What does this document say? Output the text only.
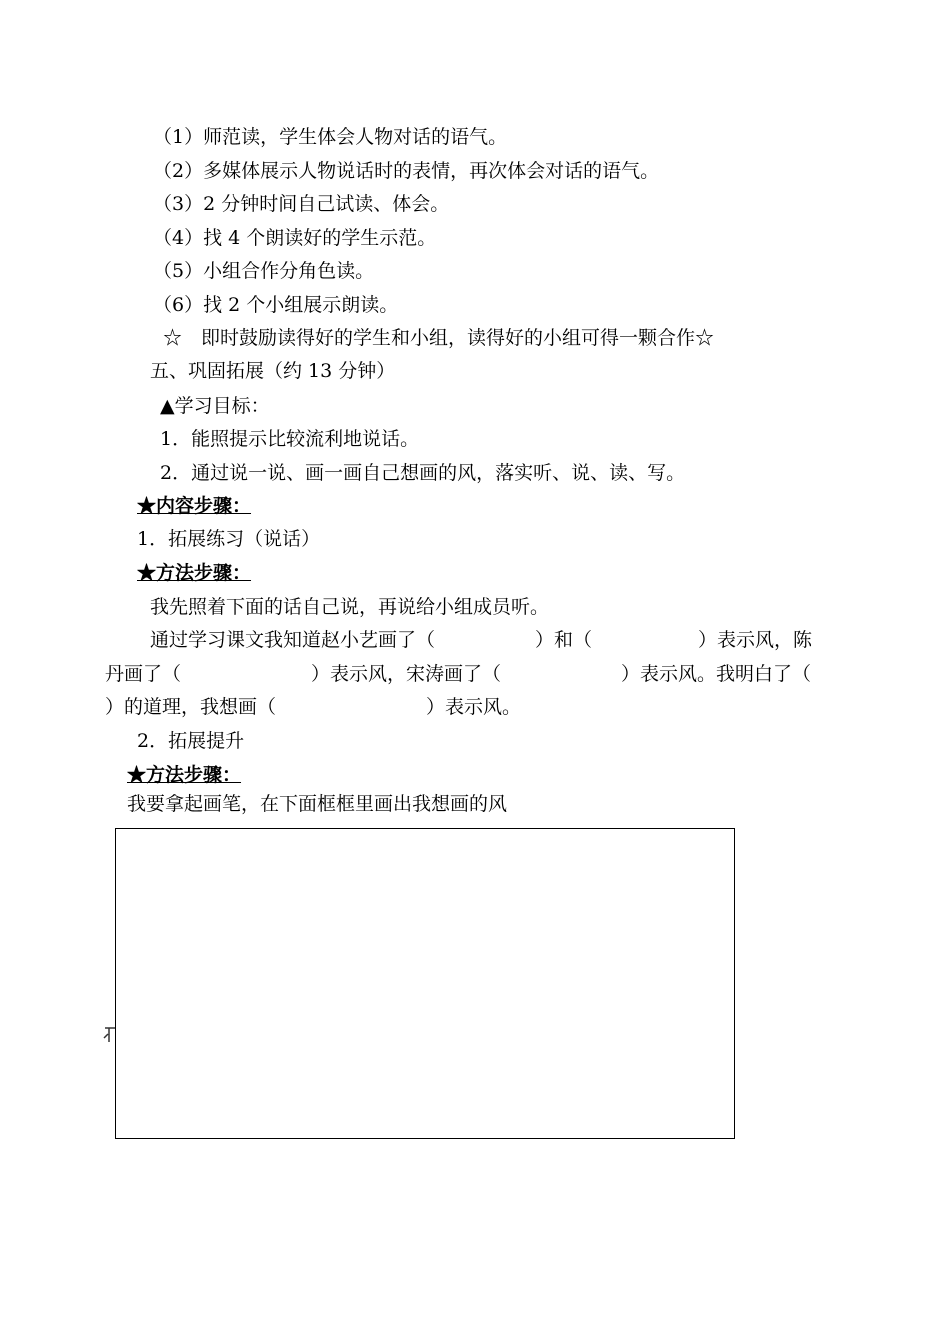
（1）师范读，学生体会人物对话的语气。
（2）多媒体展示人物说话时的表情，再次体会对话的语气。
（3）2 分钟时间自己试读、体会。
（4）找 4 个朗读好的学生示范。
（5）小组合作分角色读。
（6）找 2 个小组展示朗读。
☆　即时鼓励读得好的学生和小组，读得好的小组可得一颗合作☆
五、巩固拓展（约 13 分钟）
▲学习目标：
1．能照提示比较流利地说话。
2．通过说一说、画一画自己想画的风，落实听、说、读、写。
★内容步骤：
1．拓展练习（说话）
★方法步骤：
我先照着下面的话自己说，再说给小组成员听。
通过学习课文我知道赵小艺画了（	）和（	）表示风，陈
丹画了（	）表示风，宋涛画了（	）表示风。我明白了（
）的道理，我想画（	）表示风。
2．拓展提升
★方法步骤：
我要拿起画笔，在下面框框里画出我想画的风
